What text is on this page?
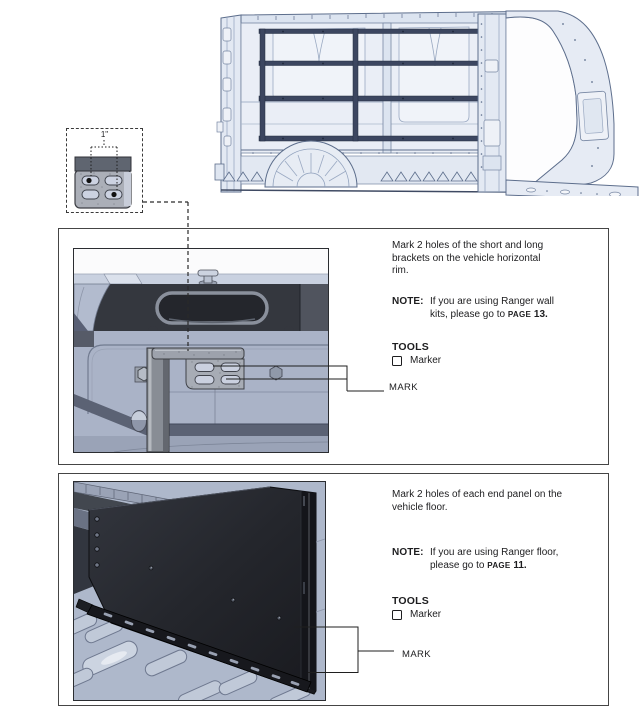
1"
Mark 2 holes of the short and long
brackets on the vehicle horizontal
rim.
NOTE: If you are using Ranger wall
kits, please go to PAGE 13.
TOOLS
Marker
MARK
Mark 2 holes of each end panel on the
vehicle floor.
NOTE: If you are using Ranger floor,
please go to PAGE 11.
TOOLS
Marker
MARK
